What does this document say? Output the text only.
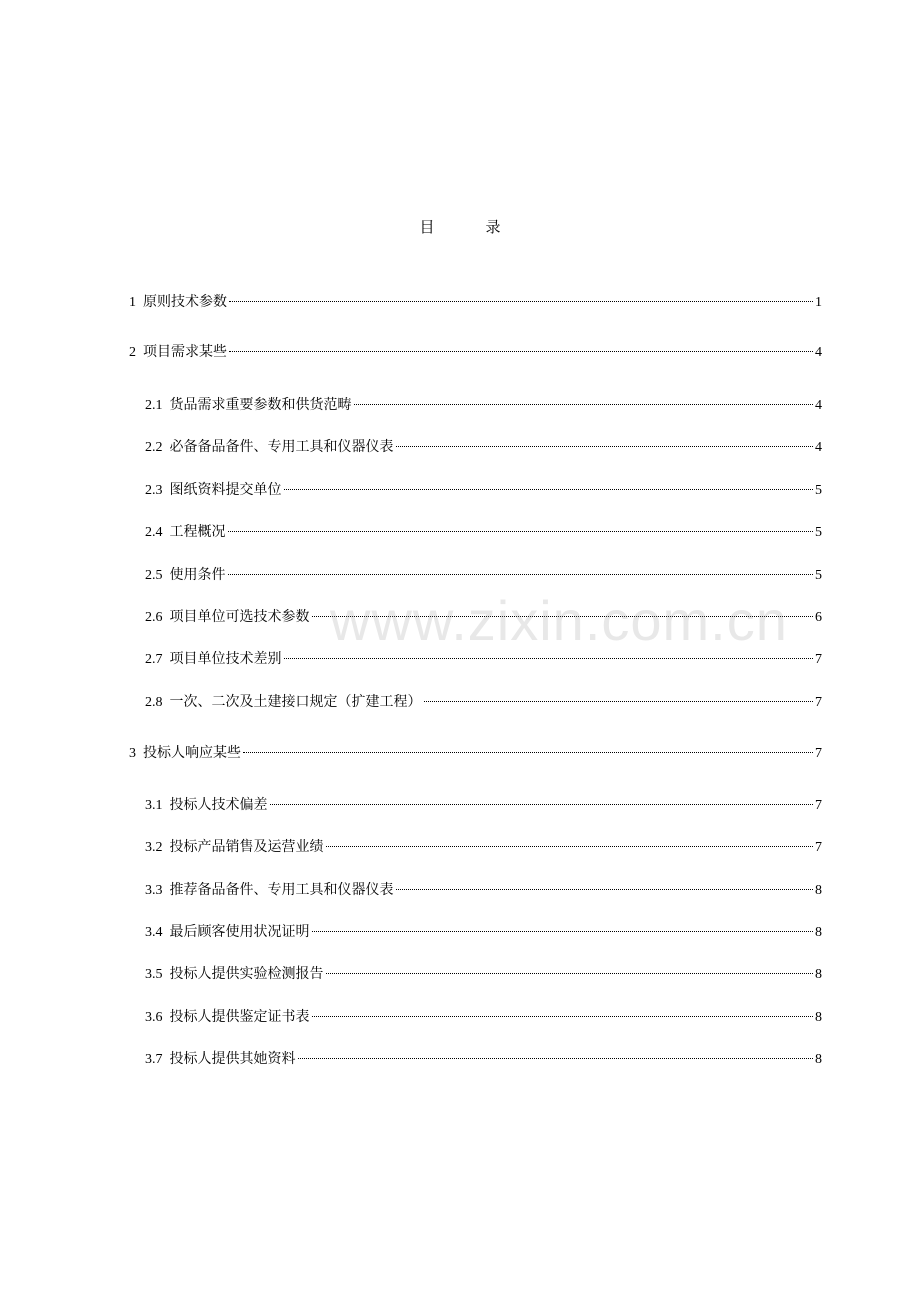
目　录
1 原则技术参数	1
2 项目需求某些	4
2.1 货品需求重要参数和供货范畴	4
2.2 必备备品备件、专用工具和仪器仪表	4
2.3 图纸资料提交单位	5
2.4 工程概况	5
2.5 使用条件	5
2.6 项目单位可选技术参数	6
2.7 项目单位技术差别	7
2.8 一次、二次及土建接口规定（扩建工程）	7
3 投标人响应某些	7
3.1 投标人技术偏差	7
3.2 投标产品销售及运营业绩	7
3.3 推荐备品备件、专用工具和仪器仪表	8
3.4 最后顾客使用状况证明	8
3.5 投标人提供实验检测报告	8
3.6 投标人提供鉴定证书表	8
3.7 投标人提供其她资料	8
www.zixin.com.cn
